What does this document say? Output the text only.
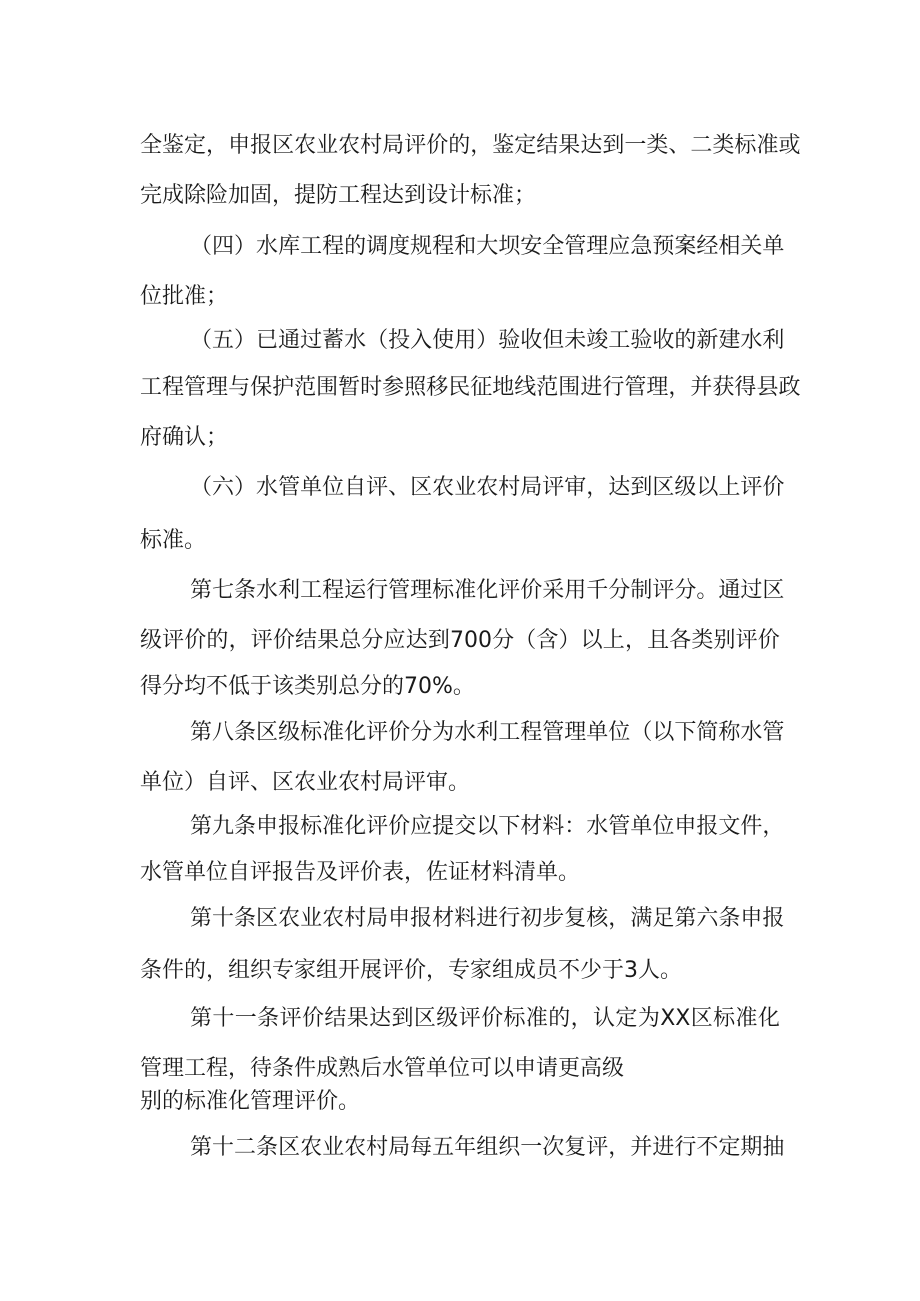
全 鉴 定 ， 申 报 区 农 业 农 村 局 评 价 的 ， 鉴 定 结 果 达 到 一 类 、 二 类 标 准 或
完成除险加固，提防工程达到设计标准；
（ 四 ） 水 库 工 程 的 调 度 规 程 和 大 坝 安 全 管 理 应 急 预 案 经 相 关 单
位批准；
（ 五 ） 已 通 过 蓄 水 （ 投 入 使 用 ） 验 收 但 未 竣 工 验 收 的 新 建 水 利
工 程 管 理 与 保 护 范 围 暂 时 参 照 移 民 征 地 线 范 围 进 行 管 理 ， 并 获 得 县 政
府确认；
（ 六 ） 水 管 单 位 自 评 、 区 农 业 农 村 局 评 审 ， 达 到 区 级 以 上 评 价
标准。
第 七 条 水 利 工 程 运 行 管 理 标 准 化 评 价 采 用 千 分 制 评 分 。 通 过 区
级 评 价 的 ， 评 价 结 果 总 分 应 达 到 700 分 （ 含 ） 以 上 ， 且 各 类 别 评 价
得分均不低于该类别总分的70%。
第 八 条 区 级 标 准 化 评 价 分 为 水 利 工 程 管 理 单 位 （ 以 下 简 称 水 管
单位）自评、区农业农村局评审。
第 九 条 申 报 标 准 化 评 价 应 提 交 以 下 材 料 ： 水 管 单 位 申 报 文 件 ，
水管单位自评报告及评价表，佐证材料清单。
第 十 条 区 农 业 农 村 局 申 报 材 料 进 行 初 步 复 核 ， 满 足 第 六 条 申 报
条件的，组织专家组开展评价，专家组成员不少于3人。
第 十 一 条 评 价 结 果 达 到 区 级 评 价 标 准 的 ， 认 定 为 XX 区 标 准 化
管理工程，待条件成熟后水管单位可以申请更高级
别的标准化管理评价。
第 十 二 条 区 农 业 农 村 局 每 五 年 组 织 一 次 复 评 ， 并 进 行 不 定 期 抽
